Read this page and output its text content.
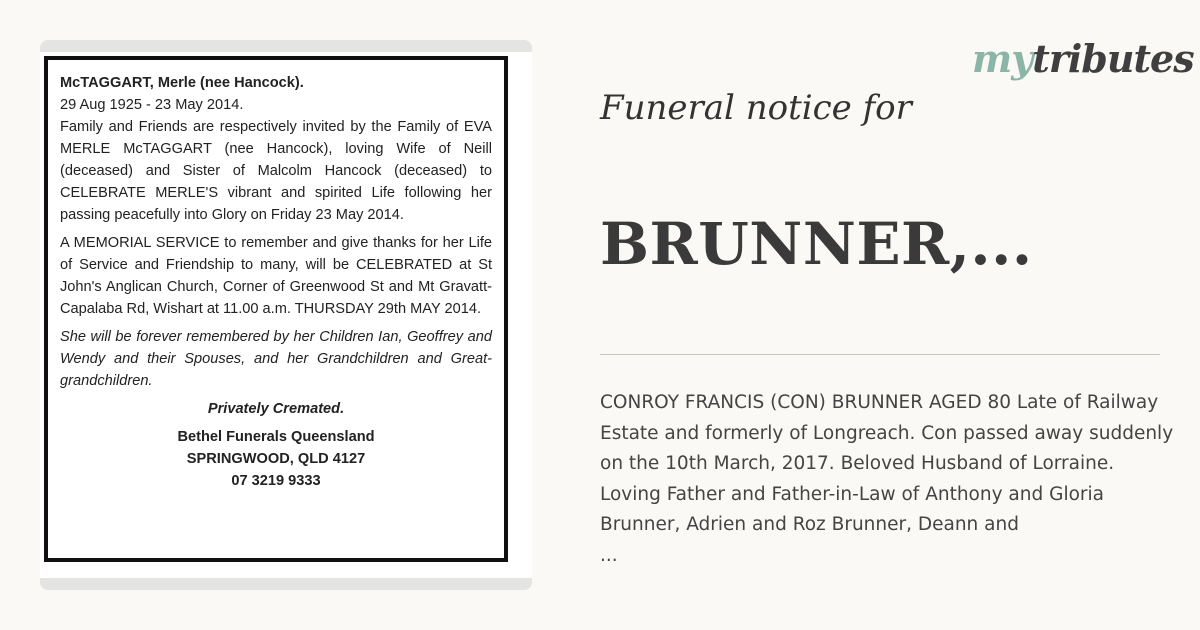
McTAGGART, Merle (nee Hancock).

29 Aug 1925 - 23 May 2014.

Family and Friends are respectively invited by the Family of EVA MERLE McTAGGART (nee Hancock), loving Wife of Neill (deceased) and Sister of Malcolm Hancock (deceased) to CELEBRATE MERLE'S vibrant and spirited Life following her passing peacefully into Glory on Friday 23 May 2014.

A MEMORIAL SERVICE to remember and give thanks for her Life of Service and Friendship to many, will be CELEBRATED at St John's Anglican Church, Corner of Greenwood St and Mt Gravatt-Capalaba Rd, Wishart at 11.00 a.m. THURSDAY 29th MAY 2014.

She will be forever remembered by her Children Ian, Geoffrey and Wendy and their Spouses, and her Grandchildren and Great-grandchildren.

Privately Cremated.

Bethel Funerals Queensland

SPRINGWOOD, QLD 4127

07 3219 9333

mytributes
Funeral notice for
BRUNNER,...
CONROY FRANCIS (CON) BRUNNER AGED 80 Late of Railway Estate and formerly of Longreach. Con passed away suddenly on the 10th March, 2017. Beloved Husband of Lorraine. Loving Father and Father-in-Law of Anthony and Gloria Brunner, Adrien and Roz Brunner, Deann and
...
